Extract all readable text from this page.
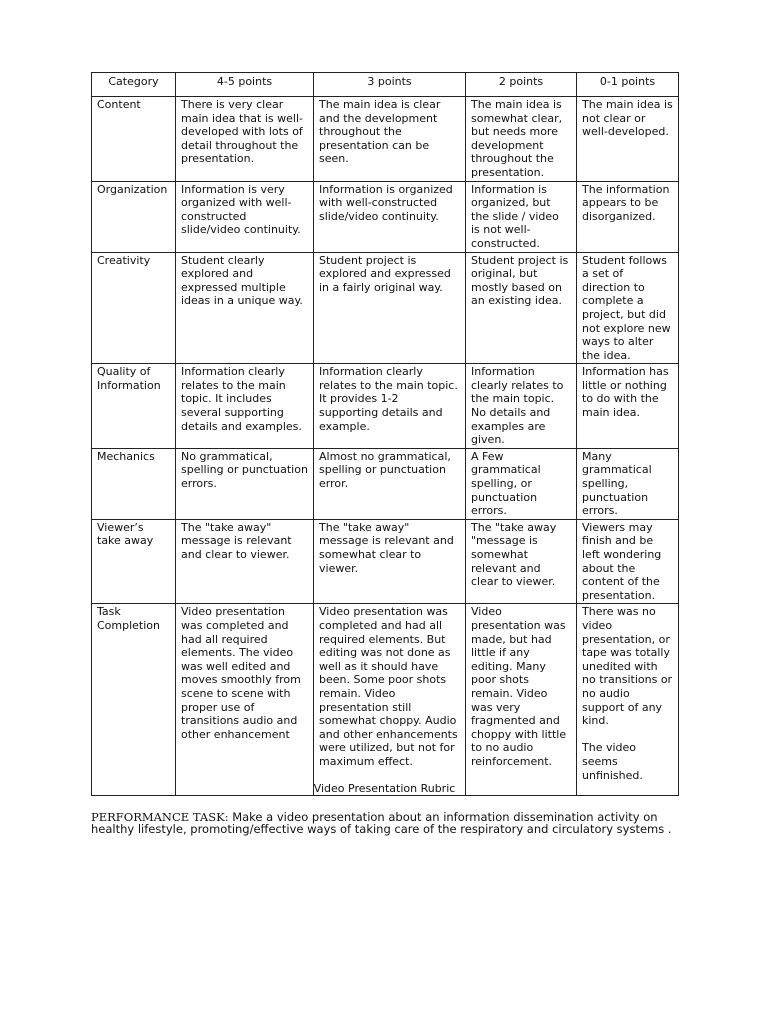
Category	4-5 points	3 points	2 points	0-1 points
Content	There is very clear main idea that is well-developed with lots of detail throughout the presentation.	The main idea is clear and the development throughout the presentation can be seen.	The main idea is somewhat clear, but needs more development throughout the presentation.	The main idea is not clear or well-developed.
Organization	Information is very organized with well-constructed slide/video continuity.	Information is organized with well-constructed slide/video continuity.	Information is organized, but the slide / video is not well-constructed.	The information appears to be disorganized.
Creativity	Student clearly explored and expressed multiple ideas in a unique way.	Student project is explored and expressed in a fairly original way.	Student project is original, but mostly based on an existing idea.	Student follows a set of direction to complete a project, but did not explore new ways to alter the idea.
Quality of Information	Information clearly relates to the main topic. It includes several supporting details and examples.	Information clearly relates to the main topic. It provides 1-2 supporting details and example.	Information clearly relates to the main topic. No details and examples are given.	Information has little or nothing to do with the main idea.
Mechanics	No grammatical, spelling or punctuation errors.	Almost no grammatical, spelling or punctuation error.	A Few grammatical spelling, or punctuation errors.	Many grammatical spelling, punctuation errors.
Viewer’s take away	The "take away" message is relevant and clear to viewer.	The "take away" message is relevant and somewhat clear to viewer.	The "take away "message is somewhat relevant and clear to viewer.	Viewers may finish and be left wondering about the content of the presentation.
Task Completion	Video presentation was completed and had all required elements. The video was well edited and moves smoothly from scene to scene with proper use of transitions audio and other enhancement	Video presentation was completed and had all required elements. But editing was not done as well as it should have been. Some poor shots remain. Video presentation still somewhat choppy. Audio and other enhancements were utilized, but not for maximum effect.	Video presentation was made, but had little if any editing. Many poor shots remain. Video was very fragmented and choppy with little to no audio reinforcement.	There was no video presentation, or tape was totally unedited with no transitions or no audio support of any kind.

The video seems unfinished.
Video Presentation Rubric
PERFORMANCE TASK: Make a video presentation about an information dissemination activity on healthy lifestyle, promoting/effective ways of taking care of the respiratory and circulatory systems .
